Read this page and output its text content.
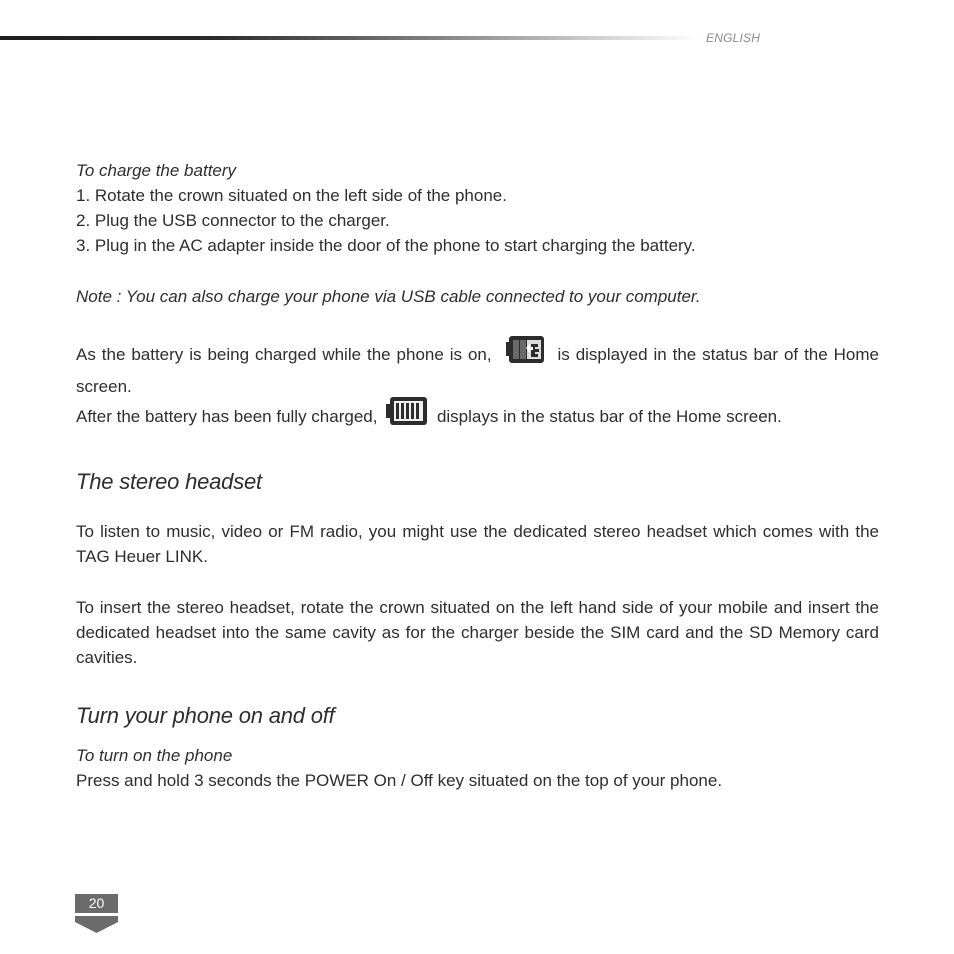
ENGLISH

To charge the battery

1. Rotate the crown situated on the left side of the phone.

2. Plug the USB connector to the charger.

3. Plug in the AC adapter inside the door of the phone to start charging the battery.

Note : You can also charge your phone via USB cable connected to your computer.

As the battery is being charged while the phone is on,	is displayed in the status bar of the Home screen.

After the battery has been fully charged,	displays in the status bar of the Home screen.

The stereo headset

To listen to music, video or FM radio, you might use the dedicated stereo headset which comes with the TAG Heuer LINK.

To insert the stereo headset, rotate the crown situated on the left hand side of your mobile and insert the dedicated headset into the same cavity as for the charger beside the SIM card and the SD Memory card cavities.

Turn your phone on and off

To turn on the phone

Press and hold 3 seconds the POWER On / Off key situated on the top of your phone.

20
